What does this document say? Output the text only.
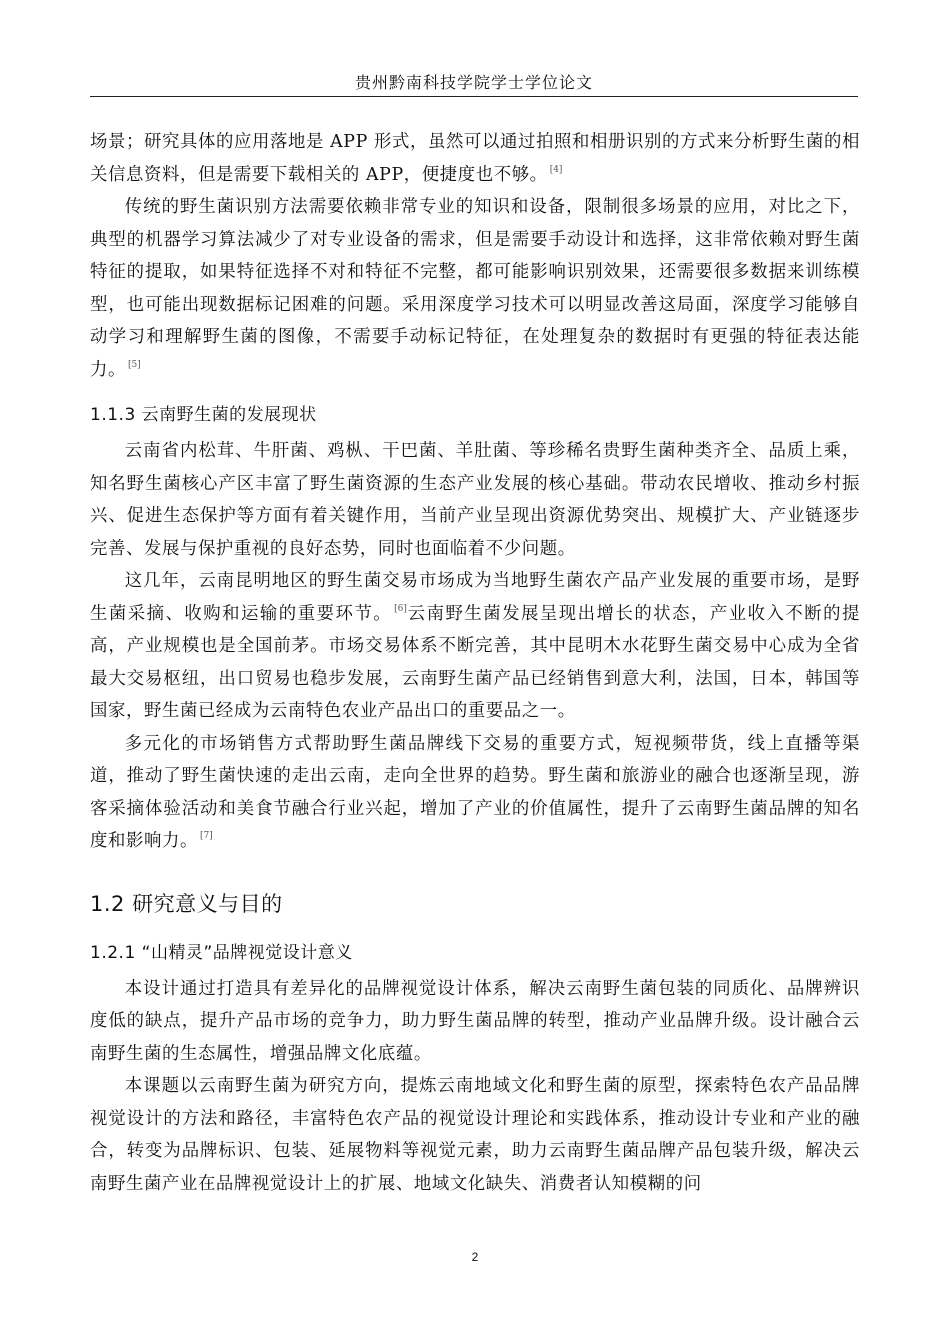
贵州黔南科技学院学士学位论文

场景；研究具体的应用落地是 APP 形式，虽然可以通过拍照和相册识别的方式来分析野生菌的相关信息资料，但是需要下载相关的 APP，便捷度也不够。 [4]

传统的野生菌识别方法需要依赖非常专业的知识和设备，限制很多场景的应用，对比之下，典型的机器学习算法减少了对专业设备的需求，但是需要手动设计和选择，这非常依赖对野生菌特征的提取，如果特征选择不对和特征不完整，都可能影响识别效果，还需要很多数据来训练模型，也可能出现数据标记困难的问题。采用深度学习技术可以明显改善这局面，深度学习能够自动学习和理解野生菌的图像，不需要手动标记特征，在处理复杂的数据时有更强的特征表达能力。 [5]

1.1.3 云南野生菌的发展现状

云南省内松茸、牛肝菌、鸡枞、干巴菌、羊肚菌、等珍稀名贵野生菌种类齐全、品质上乘，知名野生菌核心产区丰富了野生菌资源的生态产业发展的核心基础。带动农民增收、推动乡村振兴、促进生态保护等方面有着关键作用，当前产业呈现出资源优势突出、规模扩大、产业链逐步完善、发展与保护重视的良好态势，同时也面临着不少问题。

这几年，云南昆明地区的野生菌交易市场成为当地野生菌农产品产业发展的重要市场，是野生菌采摘、收购和运输的重要环节。 [6]云南野生菌发展呈现出增长的状态，产业收入不断的提高，产业规模也是全国前茅。市场交易体系不断完善，其中昆明木水花野生菌交易中心成为全省最大交易枢纽，出口贸易也稳步发展，云南野生菌产品已经销售到意大利，法国，日本，韩国等国家，野生菌已经成为云南特色农业产品出口的重要品之一。

多元化的市场销售方式帮助野生菌品牌线下交易的重要方式，短视频带货，线上直播等渠道，推动了野生菌快速的走出云南，走向全世界的趋势。野生菌和旅游业的融合也逐渐呈现，游客采摘体验活动和美食节融合行业兴起，增加了产业的价值属性，提升了云南野生菌品牌的知名度和影响力。 [7]

1.2 研究意义与目的
1.2.1 “山精灵”品牌视觉设计意义

本设计通过打造具有差异化的品牌视觉设计体系，解决云南野生菌包装的同质化、品牌辨识度低的缺点，提升产品市场的竞争力，助力野生菌品牌的转型，推动产业品牌升级。设计融合云南野生菌的生态属性，增强品牌文化底蕴。

本课题以云南野生菌为研究方向，提炼云南地域文化和野生菌的原型，探索特色农产品品牌视觉设计的方法和路径，丰富特色农产品的视觉设计理论和实践体系，推动设计专业和产业的融合，转变为品牌标识、包装、延展物料等视觉元素，助力云南野生菌品牌产品包装升级，解决云南野生菌产业在品牌视觉设计上的扩展、地域文化缺失、消费者认知模糊的问

2
